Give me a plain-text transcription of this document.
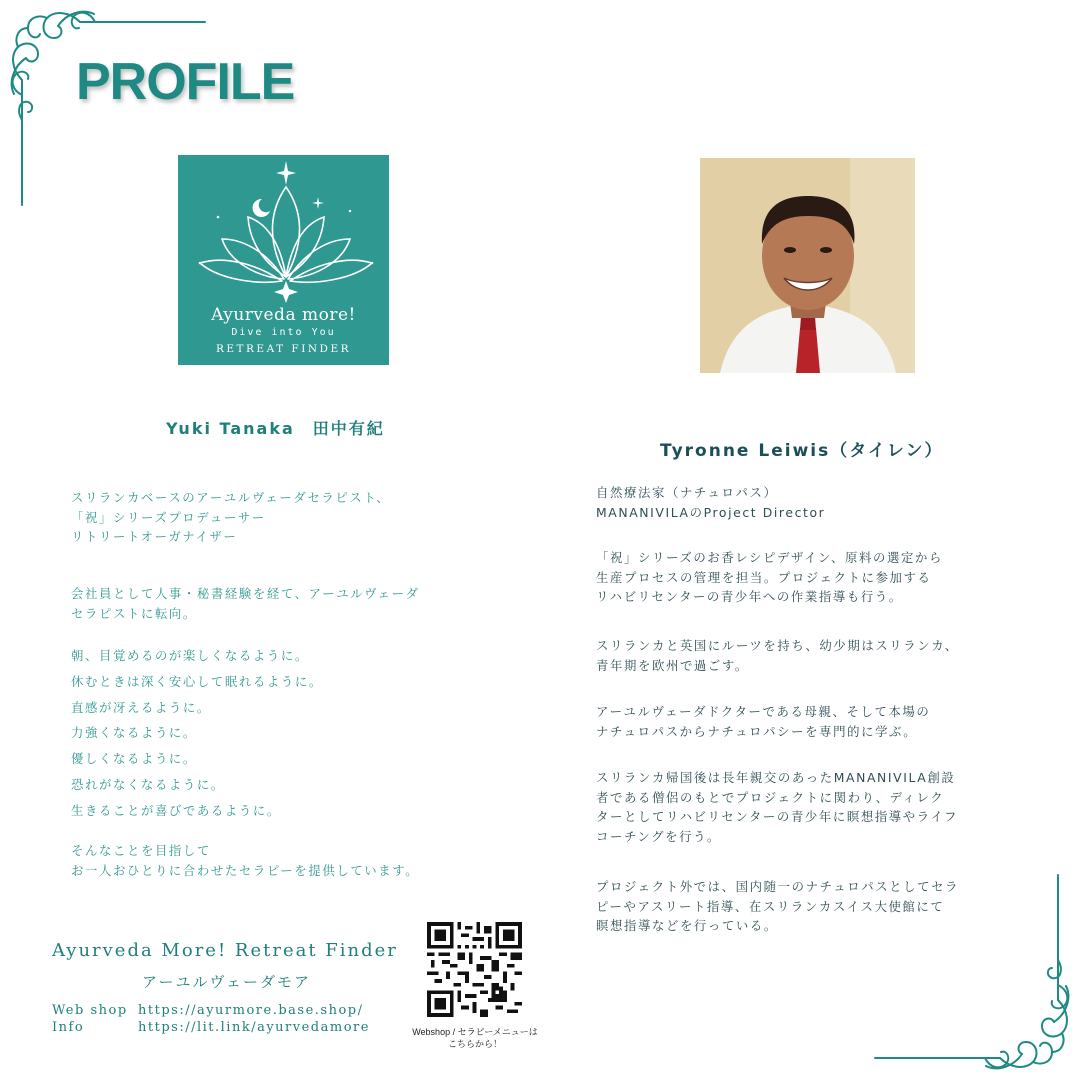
PROFILE
Ayurveda more!
Dive into You
RETREAT FINDER
Yuki Tanaka　田中有紀
Tyronne Leiwis（タイレン）
スリランカベースのアーユルヴェーダセラピスト、
「祝」シリーズプロデューサー
リトリートオーガナイザー
会社員として人事・秘書経験を経て、アーユルヴェーダ
セラピストに転向。
朝、目覚めるのが楽しくなるように。
休むときは深く安心して眠れるように。
直感が冴えるように。
力強くなるように。
優しくなるように。
恐れがなくなるように。
生きることが喜びであるように。
そんなことを目指して
お一人おひとりに合わせたセラピーを提供しています。
自然療法家（ナチュロパス）
MANANIVILAのProject Director
「祝」シリーズのお香レシピデザイン、原料の選定から
生産プロセスの管理を担当。プロジェクトに参加する
リハビリセンターの青少年への作業指導も行う。
スリランカと英国にルーツを持ち、幼少期はスリランカ、
青年期を欧州で過ごす。
アーユルヴェーダドクターである母親、そして本場の
ナチュロパスからナチュロパシーを専門的に学ぶ。
スリランカ帰国後は長年親交のあったMANANIVILA創設
者である僧侶のもとでプロジェクトに関わり、ディレク
ターとしてリハビリセンターの青少年に瞑想指導やライフ
コーチングを行う。
プロジェクト外では、国内随一のナチュロパスとしてセラ
ピーやアスリート指導、在スリランカスイス大使館にて
瞑想指導などを行っている。
Ayurveda More! Retreat Finder
アーユルヴェーダモア
Web shop https://ayurmore.base.shop/
Info	https://lit.link/ayurvedamore	Webshop / セラピーメニューは
こちらから！
